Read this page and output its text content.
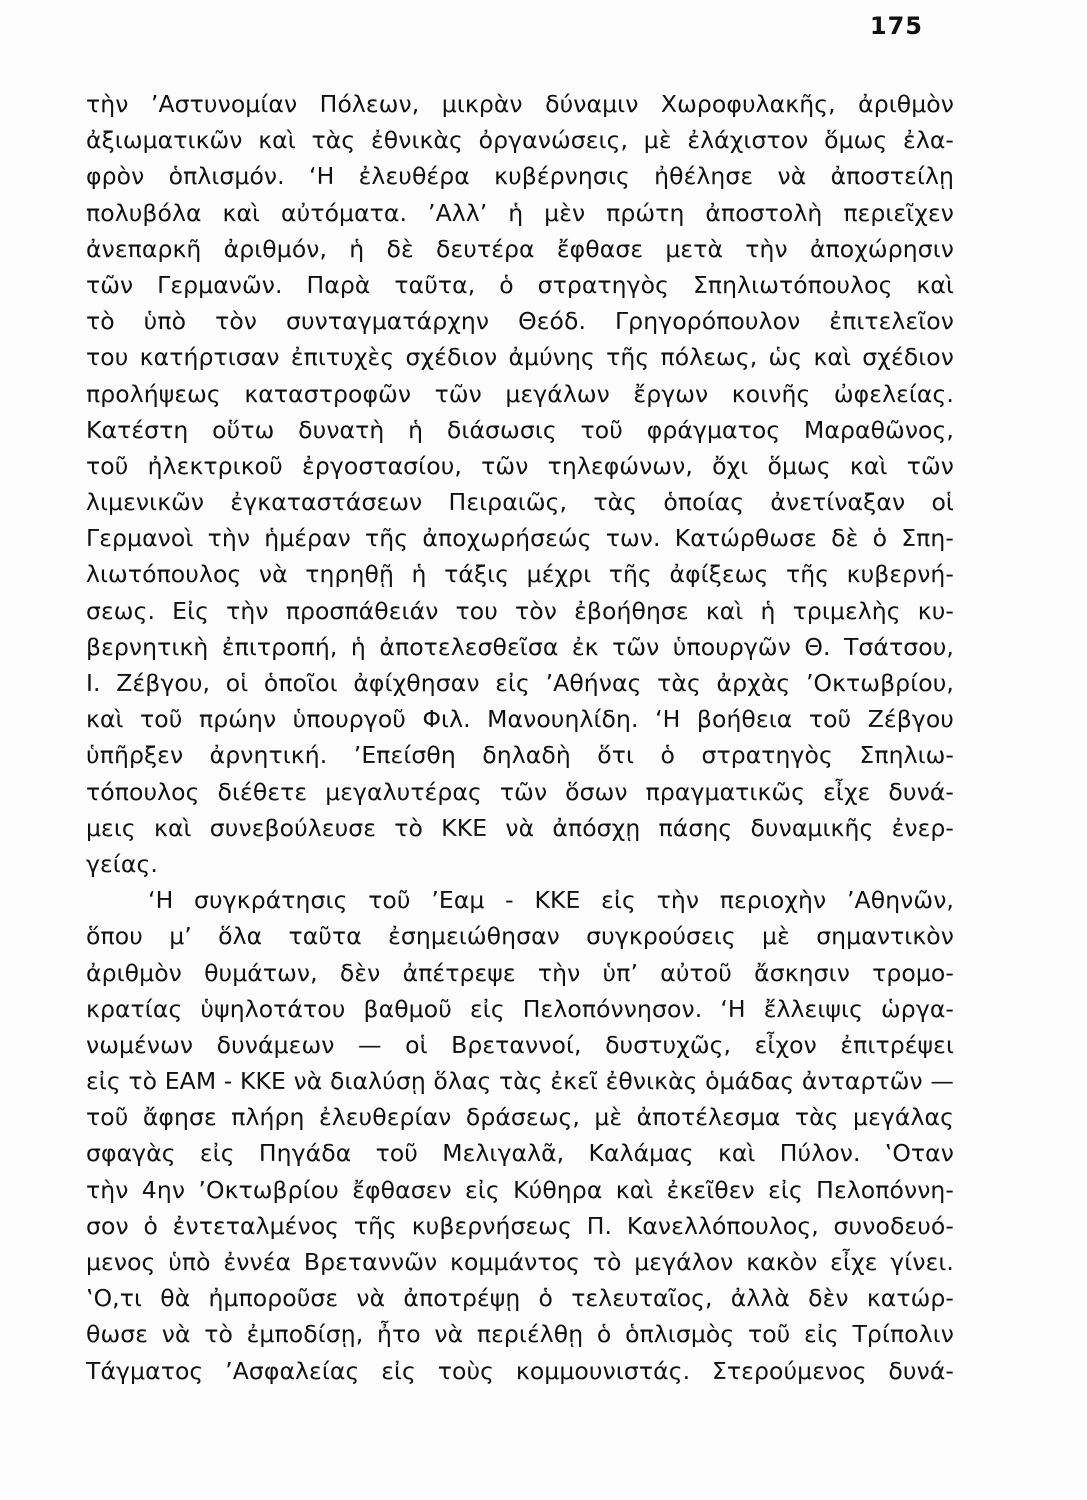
175
τὴν ’Αστυνομίαν Πόλεων, μικρὰν δύναμιν Χωροφυλακῆς, ἀριθμὸν
ἀξιωματικῶν καὶ τὰς ἐθνικὰς ὀργανώσεις, μὲ ἐλάχιστον ὅμως ἐλα-
φρὸν ὁπλισμόν. ‘Η ἐλευθέρα κυβέρνησις ἠθέλησε νὰ ἀποστείλῃ
πολυβόλα καὶ αὐτόματα. ’Αλλ’ ἡ μὲν πρώτη ἀποστολὴ περιεῖχεν
ἀνεπαρκῆ ἀριθμόν, ἡ δὲ δευτέρα ἔφθασε μετὰ τὴν ἀποχώρησιν
τῶν Γερμανῶν. Παρὰ ταῦτα, ὁ στρατηγὸς Σπηλιωτόπουλος καὶ
τὸ ὑπὸ τὸν συνταγματάρχην Θεόδ. Γρηγορόπουλον ἐπιτελεῖον
του κατήρτισαν ἐπιτυχὲς σχέδιον ἀμύνης τῆς πόλεως, ὡς καὶ σχέδιον
προλήψεως καταστροφῶν τῶν μεγάλων ἔργων κοινῆς ὠφελείας.
Κατέστη οὕτω δυνατὴ ἡ διάσωσις τοῦ φράγματος Μαραθῶνος,
τοῦ ἠλεκτρικοῦ ἐργοστασίου, τῶν τηλεφώνων, ὄχι ὅμως καὶ τῶν
λιμενικῶν ἐγκαταστάσεων Πειραιῶς, τὰς ὁποίας ἀνετίναξαν οἱ
Γερμανοὶ τὴν ἡμέραν τῆς ἀποχωρήσεώς των. Κατώρθωσε δὲ ὁ Σπη-
λιωτόπουλος νὰ τηρηθῇ ἡ τάξις μέχρι τῆς ἀφίξεως τῆς κυβερνή-
σεως. Εἰς τὴν προσπάθειάν του τὸν ἐβοήθησε καὶ ἡ τριμελὴς κυ-
βερνητικὴ ἐπιτροπή, ἡ ἀποτελεσθεῖσα ἐκ τῶν ὑπουργῶν Θ. Τσάτσου,
Ι. Ζέβγου, οἱ ὁποῖοι ἀφίχθησαν εἰς ’Αθήνας τὰς ἀρχὰς ’Οκτωβρίου,
καὶ τοῦ πρώην ὑπουργοῦ Φιλ. Μανουηλίδη. ‘Η βοήθεια τοῦ Ζέβγου
ὑπῆρξεν ἀρνητική. ’Επείσθη δηλαδὴ ὅτι ὁ στρατηγὸς Σπηλιω-
τόπουλος διέθετε μεγαλυτέρας τῶν ὅσων πραγματικῶς εἶχε δυνά-
μεις καὶ συνεβούλευσε τὸ ΚΚΕ νὰ ἀπόσχῃ πάσης δυναμικῆς ἐνερ-
γείας.
‘Η συγκράτησις τοῦ ’Εαμ - ΚΚΕ εἰς τὴν περιοχὴν ’Αθηνῶν,
ὅπου μ’ ὅλα ταῦτα ἐσημειώθησαν συγκρούσεις μὲ σημαντικὸν
ἀριθμὸν θυμάτων, δὲν ἀπέτρεψε τὴν ὑπ’ αὐτοῦ ἄσκησιν τρομο-
κρατίας ὑψηλοτάτου βαθμοῦ εἰς Πελοπόννησον. ‘Η ἔλλειψις ὡργα-
νωμένων δυνάμεων — οἱ Βρεταννοί, δυστυχῶς, εἶχον ἐπιτρέψει
εἰς τὸ ΕΑΜ - ΚΚΕ νὰ διαλύσῃ ὅλας τὰς ἐκεῖ ἐθνικὰς ὁμάδας ἀνταρτῶν —
τοῦ ἄφησε πλήρη ἐλευθερίαν δράσεως, μὲ ἀποτέλεσμα τὰς μεγάλας
σφαγὰς εἰς Πηγάδα τοῦ Μελιγαλᾶ, Καλάμας καὶ Πύλον. ‛Οταν
τὴν 4ην ’Οκτωβρίου ἔφθασεν εἰς Κύθηρα καὶ ἐκεῖθεν εἰς Πελοπόννη-
σον ὁ ἐντεταλμένος τῆς κυβερνήσεως Π. Κανελλόπουλος, συνοδευό-
μενος ὑπὸ ἐννέα Βρεταννῶν κομμάντος τὸ μεγάλον κακὸν εἶχε γίνει.
‛Ο,τι θὰ ἠμποροῦσε νὰ ἀποτρέψῃ ὁ τελευταῖος, ἀλλὰ δὲν κατώρ-
θωσε νὰ τὸ ἐμποδίσῃ, ἦτο νὰ περιέλθῃ ὁ ὁπλισμὸς τοῦ εἰς Τρίπολιν
Τάγματος ’Ασφαλείας εἰς τοὺς κομμουνιστάς. Στερούμενος δυνά-
